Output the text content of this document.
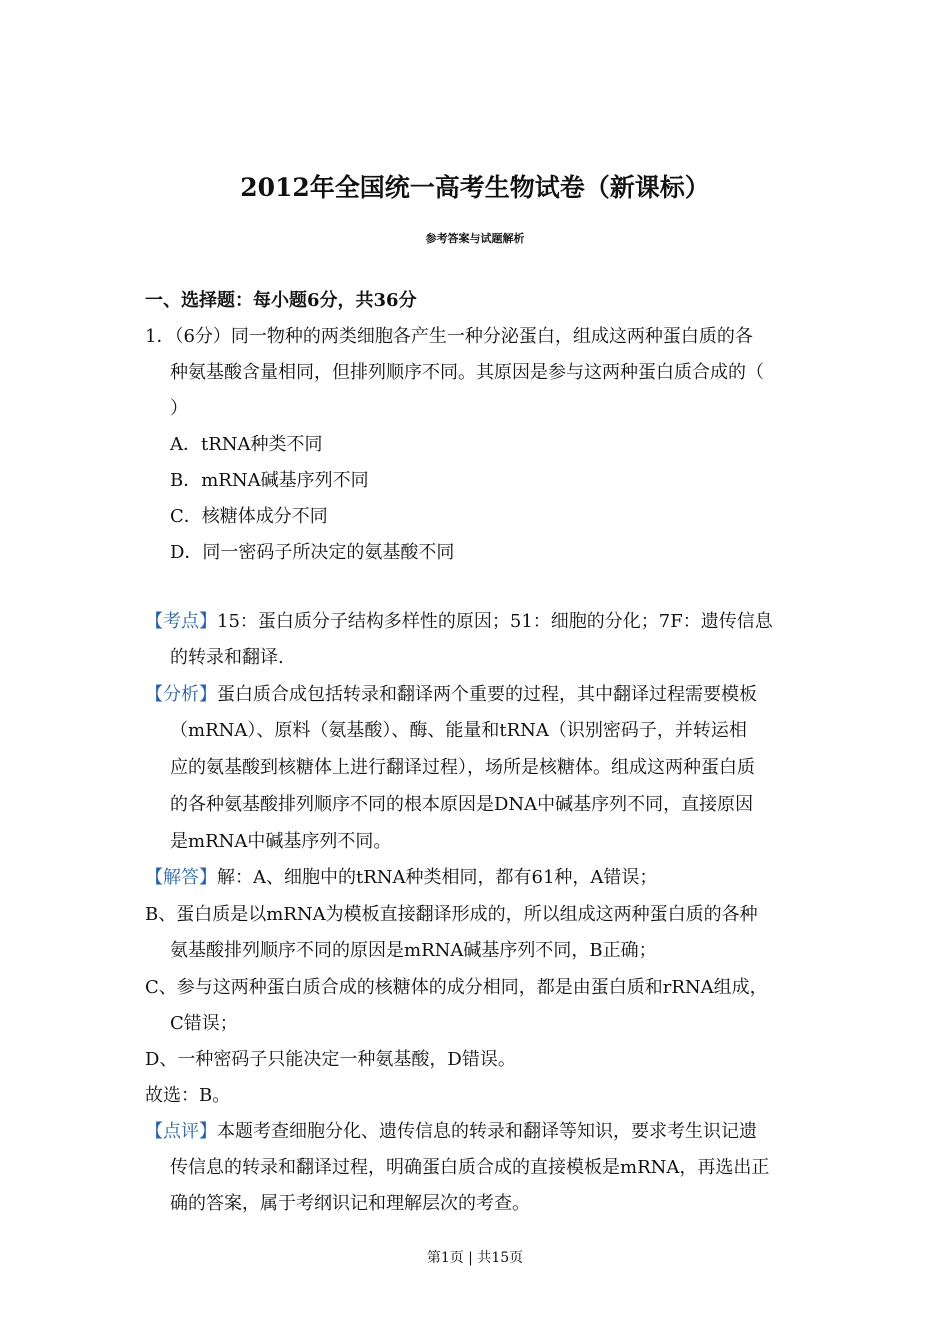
2012年全国统一高考生物试卷（新课标）
参考答案与试题解析
一、选择题：每小题6分，共36分
1．（6分）同一物种的两类细胞各产生一种分泌蛋白，组成这两种蛋白质的各
种氨基酸含量相同，但排列顺序不同。其原因是参与这两种蛋白质合成的（
）
A．tRNA种类不同
B．mRNA碱基序列不同
C．核糖体成分不同
D．同一密码子所决定的氨基酸不同
【考点】15：蛋白质分子结构多样性的原因；51：细胞的分化；7F：遗传信息
的转录和翻译.
【分析】蛋白质合成包括转录和翻译两个重要的过程，其中翻译过程需要模板
（mRNA）、原料（氨基酸）、酶、能量和tRNA（识别密码子，并转运相
应的氨基酸到核糖体上进行翻译过程），场所是核糖体。组成这两种蛋白质
的各种氨基酸排列顺序不同的根本原因是DNA中碱基序列不同，直接原因
是mRNA中碱基序列不同。
【解答】解：A、细胞中的tRNA种类相同，都有61种，A错误；
B、蛋白质是以mRNA为模板直接翻译形成的，所以组成这两种蛋白质的各种
氨基酸排列顺序不同的原因是mRNA碱基序列不同，B正确；
C、参与这两种蛋白质合成的核糖体的成分相同，都是由蛋白质和rRNA组成，
C错误；
D、一种密码子只能决定一种氨基酸，D错误。
故选：B。
【点评】本题考查细胞分化、遗传信息的转录和翻译等知识，要求考生识记遗
传信息的转录和翻译过程，明确蛋白质合成的直接模板是mRNA，再选出正
确的答案，属于考纲识记和理解层次的考查。
第1页 | 共15页
